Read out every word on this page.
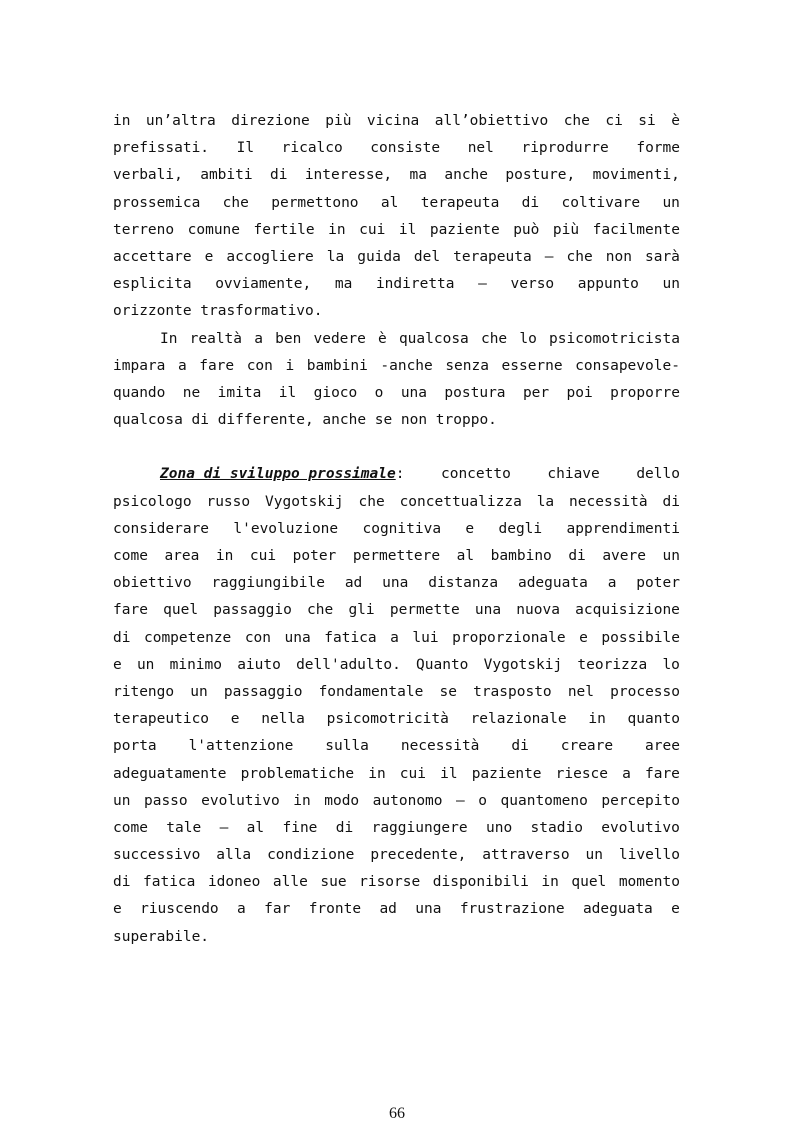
in un’altra direzione più vicina all’obiettivo che ci si è
prefissati. Il ricalco consiste nel riprodurre forme
verbali, ambiti di interesse, ma anche posture, movimenti,
prossemica che permettono al terapeuta di coltivare un
terreno comune fertile in cui il paziente può più facilmente
accettare e accogliere la guida del terapeuta – che non sarà
esplicita ovviamente, ma indiretta – verso appunto un
orizzonte trasformativo.
In realtà a ben vedere è qualcosa che lo psicomotricista
impara a fare con i bambini -anche senza esserne consapevole-
quando ne imita il gioco o una postura per poi proporre
qualcosa di differente, anche se non troppo.
Zona di sviluppo prossimale:	concetto	chiave	dello
psicologo russo Vygotskij che concettualizza la necessità di
considerare l'evoluzione cognitiva e degli apprendimenti
come area in cui poter permettere al bambino di avere un
obiettivo raggiungibile ad una distanza adeguata a poter
fare quel passaggio che gli permette una nuova acquisizione
di competenze con una fatica a lui proporzionale e possibile
e un minimo aiuto dell'adulto. Quanto Vygotskij teorizza lo
ritengo un passaggio fondamentale se trasposto nel processo
terapeutico e nella psicomotricità relazionale in quanto
porta l'attenzione sulla necessità di creare aree
adeguatamente problematiche in cui il paziente riesce a fare
un passo evolutivo in modo autonomo – o quantomeno percepito
come tale – al fine di raggiungere uno stadio evolutivo
successivo alla condizione precedente, attraverso un livello
di fatica idoneo alle sue risorse disponibili in quel momento
e riuscendo a far fronte ad una frustrazione adeguata e
superabile.
66
